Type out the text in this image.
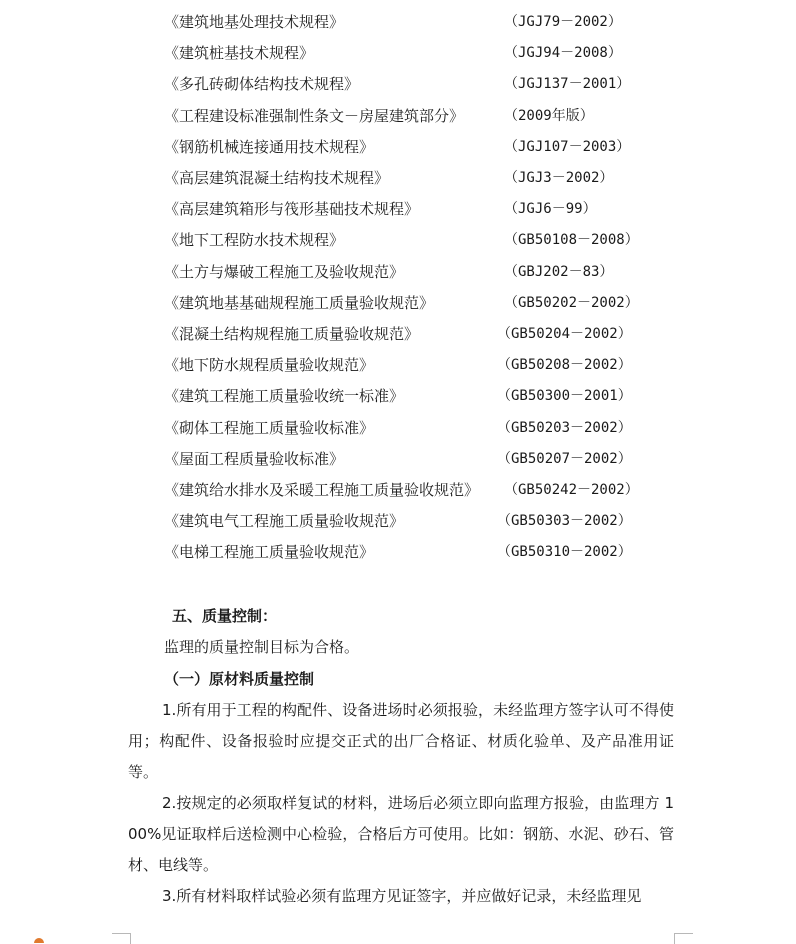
《建筑地基处理技术规程》	（JGJ79－2002）
《建筑桩基技术规程》	（JGJ94－2008）
《多孔砖砌体结构技术规程》	（JGJ137－2001）
《工程建设标准强制性条文－房屋建筑部分》	（2009年版）
《钢筋机械连接通用技术规程》	（JGJ107－2003）
《高层建筑混凝土结构技术规程》	（JGJ3－2002）
《高层建筑箱形与筏形基础技术规程》	（JGJ6－99）
《地下工程防水技术规程》	（GB50108－2008）
《土方与爆破工程施工及验收规范》	（GBJ202－83）
《建筑地基基础规程施工质量验收规范》	（GB50202－2002）
《混凝土结构规程施工质量验收规范》	（GB50204－2002）
《地下防水规程质量验收规范》	（GB50208－2002）
《建筑工程施工质量验收统一标准》	（GB50300－2001）
《砌体工程施工质量验收标准》	（GB50203－2002）
《屋面工程质量验收标准》	（GB50207－2002）
《建筑给水排水及采暖工程施工质量验收规范》 （GB50242－2002）
《建筑电气工程施工质量验收规范》	（GB50303－2002）
《电梯工程施工质量验收规范》	（GB50310－2002）
五、质量控制：
监理的质量控制目标为合格。
（一）原材料质量控制
1.所有用于工程的构配件、设备进场时必须报验，未经监理方签字认可不得使用；构配件、设备报验时应提交正式的出厂合格证、材质化验单、及产品准用证等。
2.按规定的必须取样复试的材料，进场后必须立即向监理方报验，由监理方 100%见证取样后送检测中心检验，合格后方可使用。比如：钢筋、水泥、砂石、管材、电线等。
3.所有材料取样试验必须有监理方见证签字，并应做好记录，未经监理见
